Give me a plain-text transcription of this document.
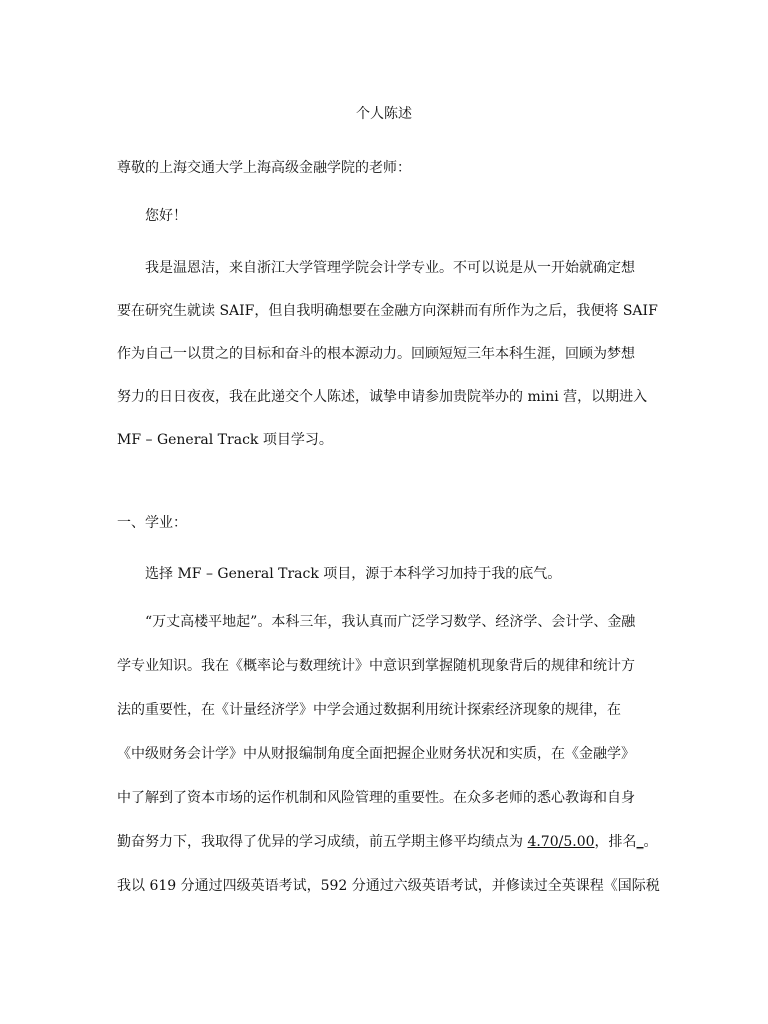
个人陈述
尊敬的上海交通大学上海高级金融学院的老师：
您好！
我是温恩洁，来自浙江大学管理学院会计学专业。不可以说是从一开始就确定想
要在研究生就读 SAIF，但自我明确想要在金融方向深耕而有所作为之后，我便将 SAIF
作为自己一以贯之的目标和奋斗的根本源动力。回顾短短三年本科生涯，回顾为梦想
努力的日日夜夜，我在此递交个人陈述，诚挚申请参加贵院举办的 mini 营，以期进入
MF – General Track 项目学习。
一、学业：
选择 MF – General Track 项目，源于本科学习加持于我的底气。
“万丈高楼平地起”。本科三年，我认真而广泛学习数学、经济学、会计学、金融
学专业知识。我在《概率论与数理统计》中意识到掌握随机现象背后的规律和统计方
法的重要性，在《计量经济学》中学会通过数据利用统计探索经济现象的规律，在
《中级财务会计学》中从财报编制角度全面把握企业财务状况和实质，在《金融学》
中了解到了资本市场的运作机制和风险管理的重要性。在众多老师的悉心教诲和自身
勤奋努力下，我取得了优异的学习成绩，前五学期主修平均绩点为 4.70/5.00，排名_。
我以 619 分通过四级英语考试，592 分通过六级英语考试，并修读过全英课程《国际税
